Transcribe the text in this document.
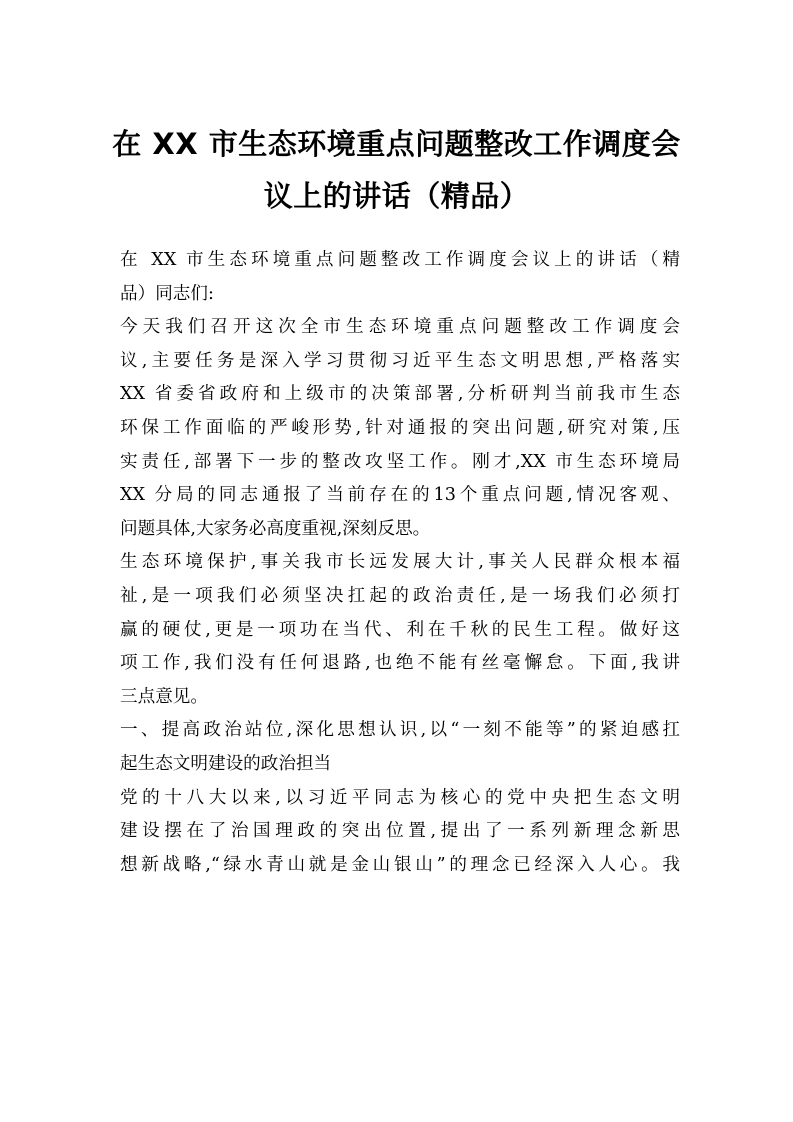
在 XX 市生态环境重点问题整改工作调度会
议上的讲话（精品）

在 XX 市生态环境重点问题整改工作调度会议上的讲话（精
品）同志们:

今天我们召开这次全市生态环境重点问题整改工作调度会
议,主要任务是深入学习贯彻习近平生态文明思想,严格落实
XX 省委省政府和上级市的决策部署,分析研判当前我市生态
环保工作面临的严峻形势,针对通报的突出问题,研究对策,压
实责任,部署下一步的整改攻坚工作。刚才,XX 市生态环境局
XX 分局的同志通报了当前存在的13个重点问题,情况客观、
问题具体,大家务必高度重视,深刻反思。

生态环境保护,事关我市长远发展大计,事关人民群众根本福
祉,是一项我们必须坚决扛起的政治责任,是一场我们必须打
赢的硬仗,更是一项功在当代、利在千秋的民生工程。做好这
项工作,我们没有任何退路,也绝不能有丝毫懈怠。下面,我讲
三点意见。

一、提高政治站位,深化思想认识,以“一刻不能等”的紧迫感扛
起生态文明建设的政治担当

党的十八大以来,以习近平同志为核心的党中央把生态文明
建设摆在了治国理政的突出位置,提出了一系列新理念新思
想新战略,“绿水青山就是金山银山”的理念已经深入人心。我
